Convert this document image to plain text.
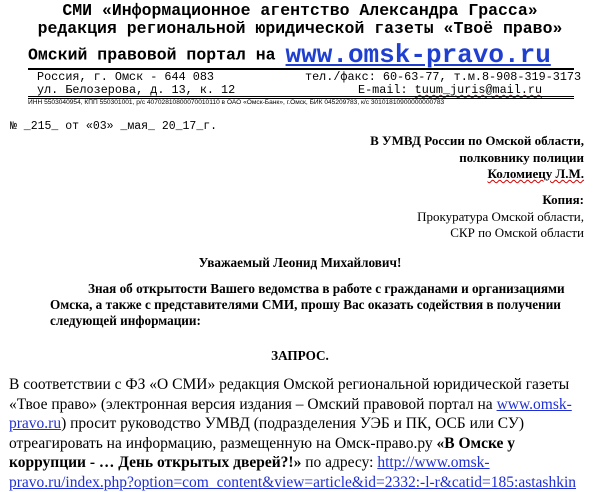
СМИ «Информационное агентство Александра Грасса»
редакция региональной юридической газеты «Твоё право»
Омский правовой портал на www.omsk-pravo.ru
Россия, г. Омск - 644 083	тел./факс: 60-63-77, т.м.8-908-319-3173
ул. Белозерова, д. 13, к. 12	E-mail: tuum_juris@mail.ru
ИНН 5503040954, КПП 550301001, р/с 40702810800070010110 в ОАО «Омск-Банк», г.Омск, БИК 045209783, к/с 30101810900000000783
№ _215_ от «03» _мая_ 20_17_г.
В УМВД России по Омской области,
полковнику полиции
Коломиецу Л.М.
Копия:
Прокуратура Омской области,
СКР по Омской области
Уважаемый Леонид Михайлович!
Зная об открытости Вашего ведомства в работе с гражданами и организациями Омска, а также с представителями СМИ, прошу Вас оказать содействия в получении следующей информации:
ЗАПРОС.
В соответствии с ФЗ «О СМИ» редакция Омской региональной юридической газеты «Твое право» (электронная версия издания – Омский правовой портал на www.omsk-pravo.ru) просит руководство УМВД (подразделения УЭБ и ПК, ОСБ или СУ) отреагировать на информацию, размещенную на Омск-право.ру «В Омске у коррупции - … День открытых дверей?!» по адресу: http://www.omsk-pravo.ru/index.php?option=com_content&view=article&id=2332:-l-r&catid=185:astashkin
